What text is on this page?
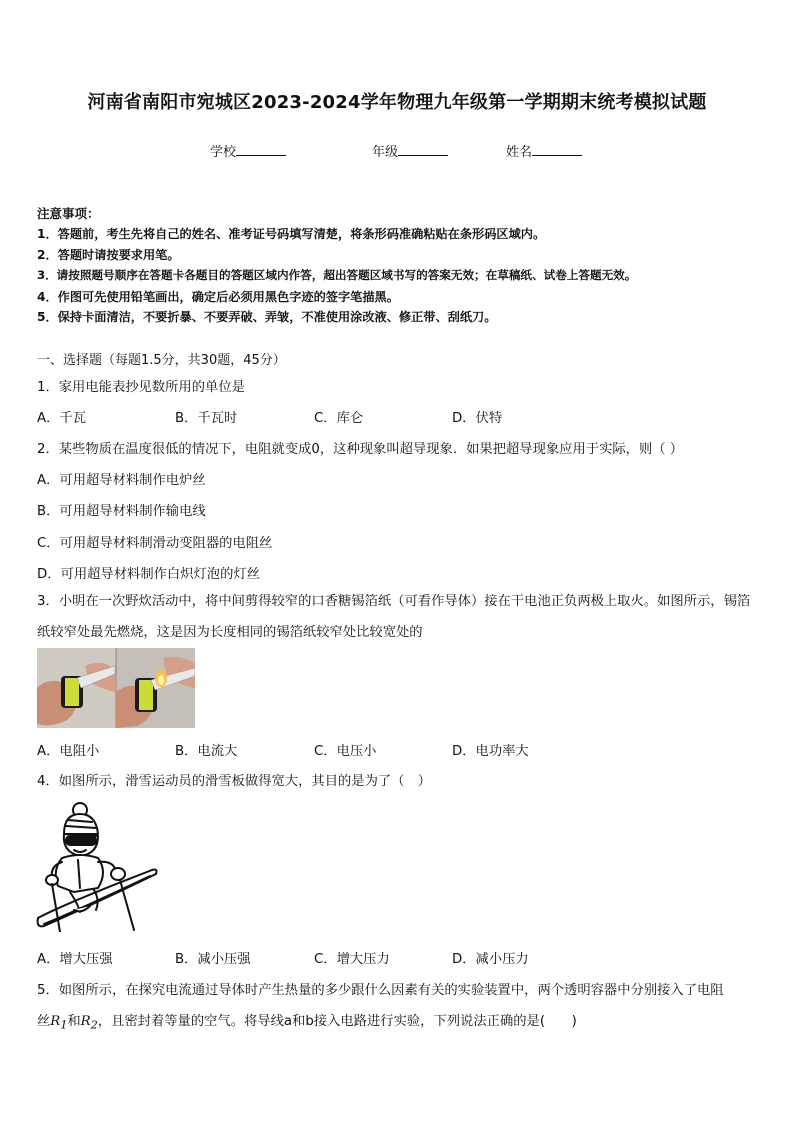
河南省南阳市宛城区2023-2024学年物理九年级第一学期期末统考模拟试题
学校	年级	姓名
注意事项：
1．答题前，考生先将自己的姓名、准考证号码填写清楚，将条形码准确粘贴在条形码区域内。
2．答题时请按要求用笔。
3．请按照题号顺序在答题卡各题目的答题区域内作答，超出答题区域书写的答案无效；在草稿纸、试卷上答题无效。
4．作图可先使用铅笔画出，确定后必须用黑色字迹的签字笔描黑。
5．保持卡面清洁，不要折暴、不要弄破、弄皱，不准使用涂改液、修正带、刮纸刀。
一、选择题（每题1.5分，共30题，45分）
1．家用电能表抄见数所用的单位是
A．千瓦	B．千瓦时	C．库仑	D．伏特
2．某些物质在温度很低的情况下，电阻就变成0，这种现象叫超导现象．如果把超导现象应用于实际，则（ ）
A．可用超导材料制作电炉丝
B．可用超导材料制作输电线
C．可用超导材料制滑动变阻器的电阻丝
D．可用超导材料制作白炽灯泡的灯丝
3．小明在一次野炊活动中，将中间剪得较窄的口香糖锡箔纸（可看作导体）接在干电池正负两极上取火。如图所示，锡箔纸较窄处最先燃烧，这是因为长度相同的锡箔纸较窄处比较宽处的
A．电阻小	B．电流大	C．电压小	D．电功率大
4．如图所示，滑雪运动员的滑雪板做得宽大，其目的是为了（　）
A．增大压强	B．减小压强	C．增大压力	D．减小压力
5．如图所示，在探究电流通过导体时产生热量的多少跟什么因素有关的实验装置中，两个透明容器中分别接入了电阻
丝$R_1$和$R_2$，且密封着等量的空气。将导线a和b接入电路进行实验，下列说法正确的是(　　)
